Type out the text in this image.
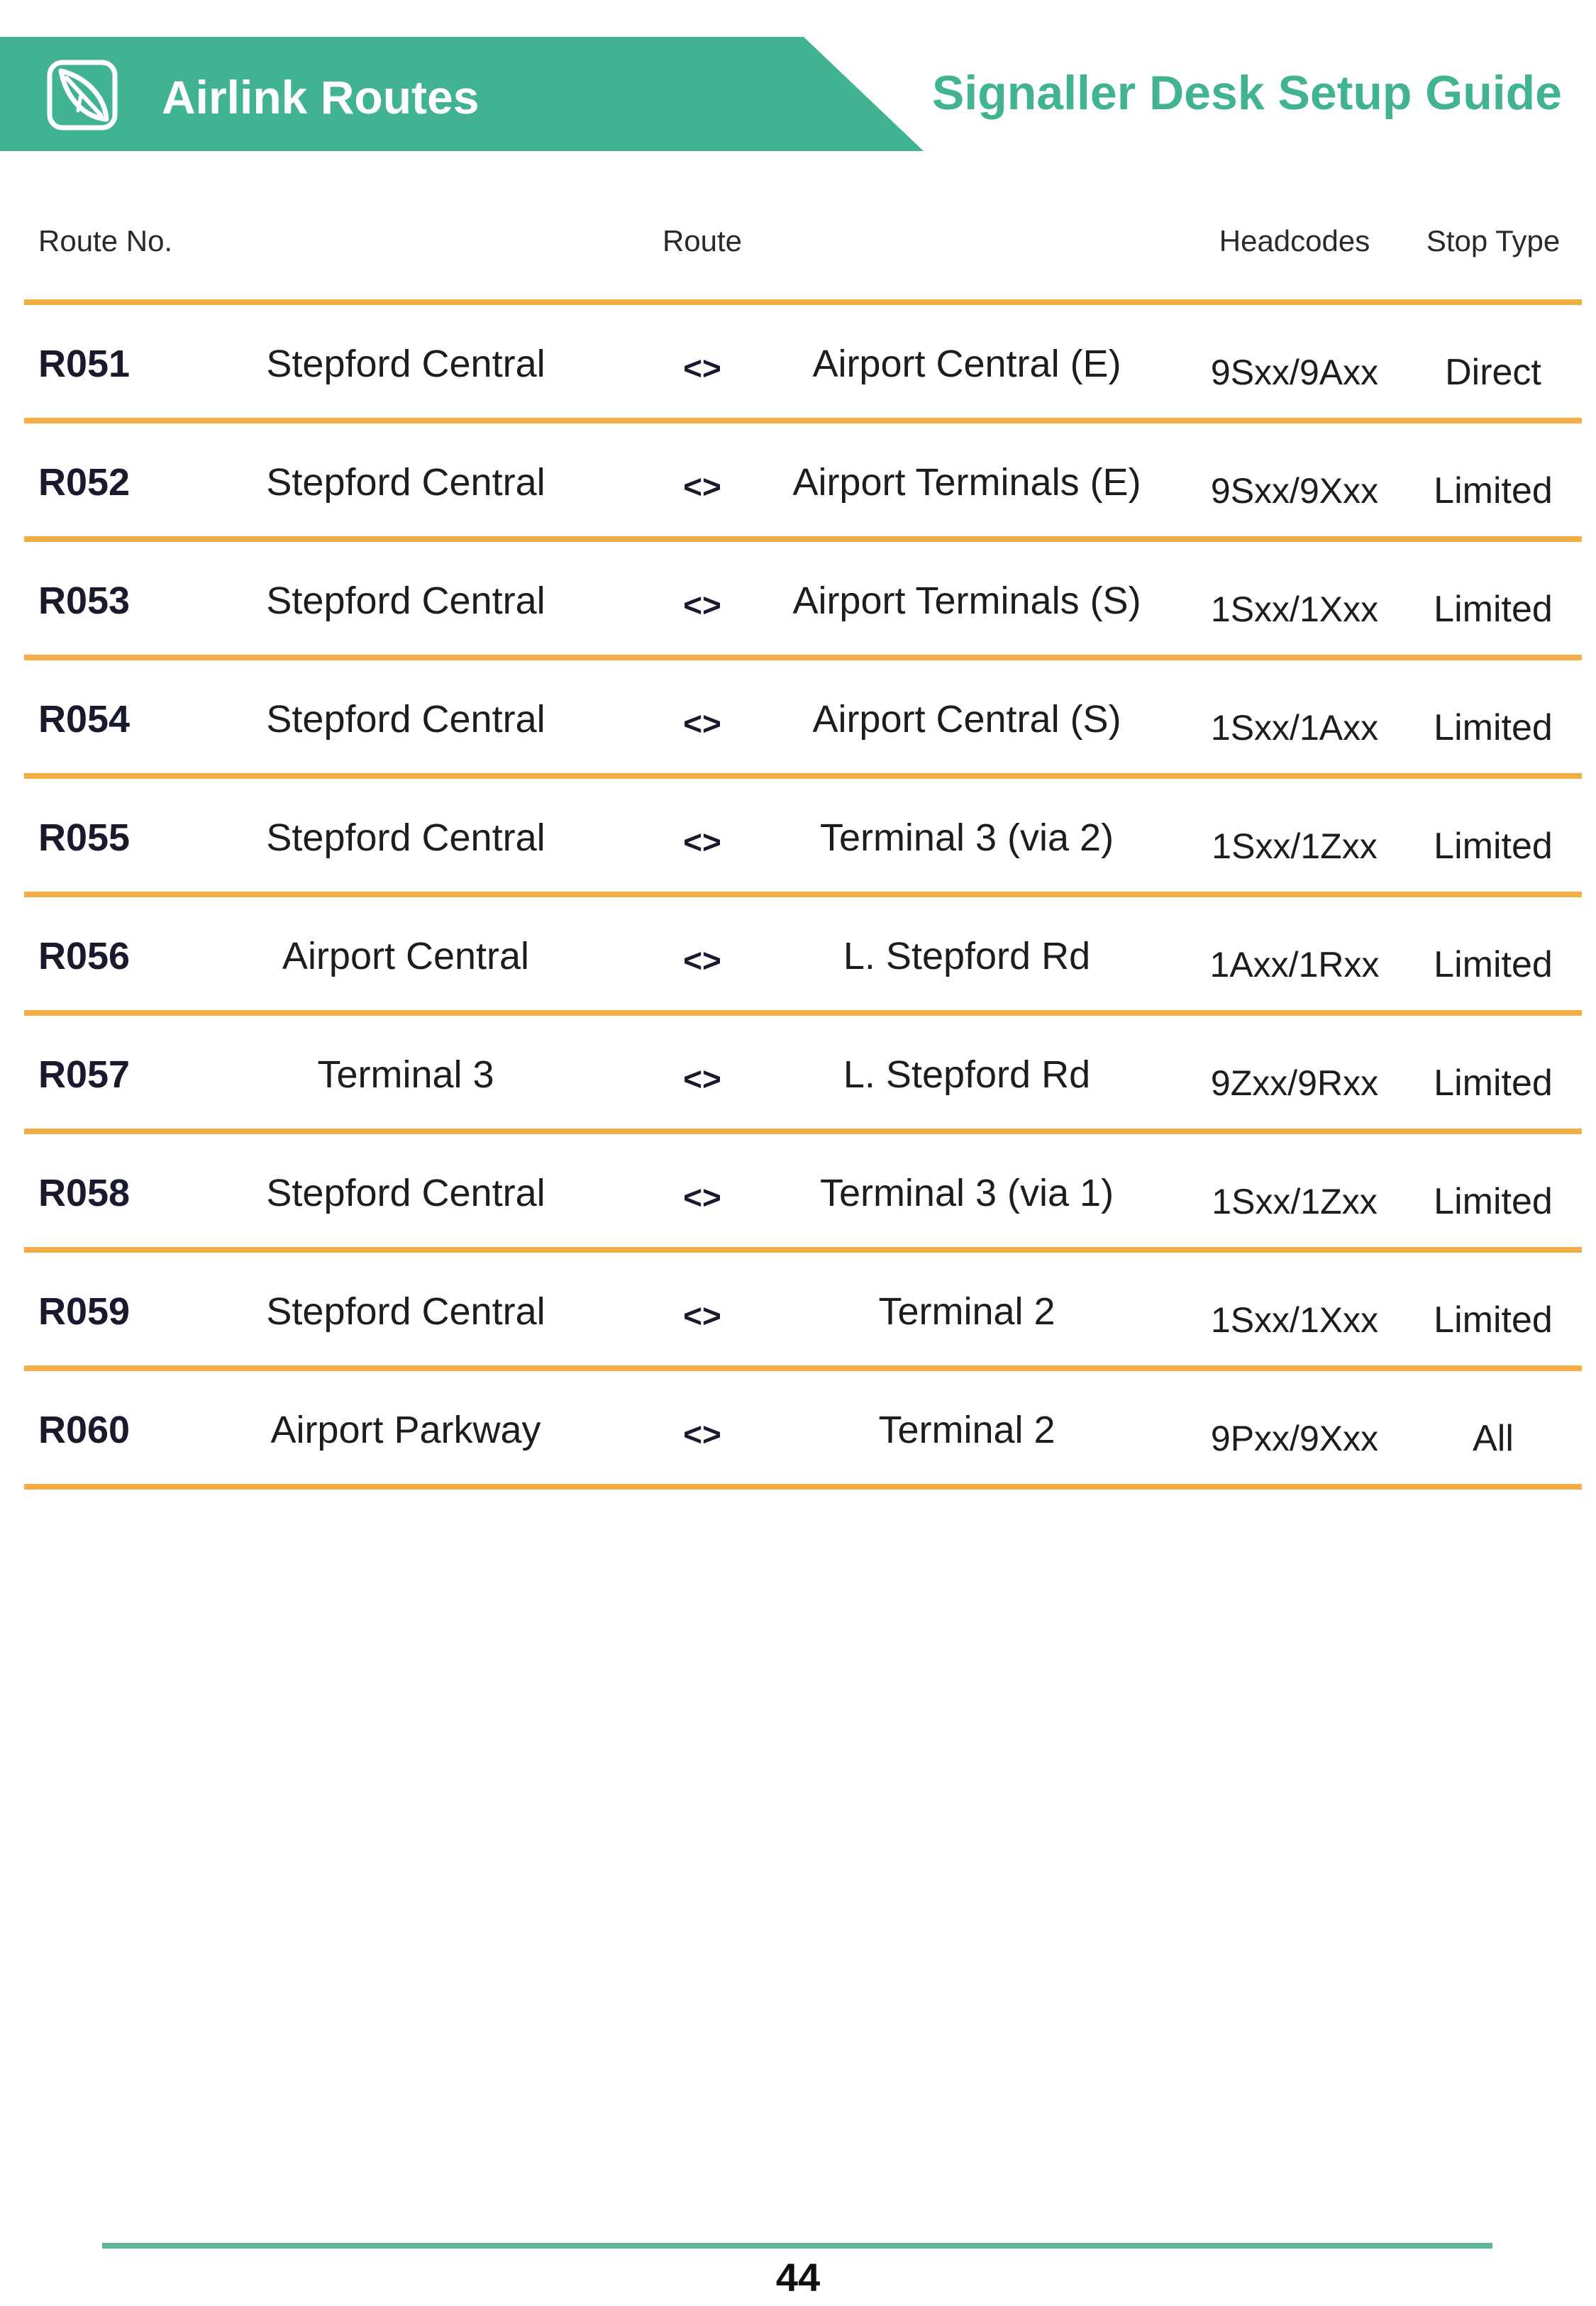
Airlink Routes	Signaller Desk Setup Guide
Route No.	Route	Headcodes	Stop Type
R051	Stepford Central	<>	Airport Central (E)	9Sxx/9Axx	Direct
R052	Stepford Central	<>	Airport Terminals (E)	9Sxx/9Xxx	Limited
R053	Stepford Central	<>	Airport Terminals (S)	1Sxx/1Xxx	Limited
R054	Stepford Central	<>	Airport Central (S)	1Sxx/1Axx	Limited
R055	Stepford Central	<>	Terminal 3 (via 2)	1Sxx/1Zxx	Limited
R056	Airport Central	<>	L. Stepford Rd	1Axx/1Rxx	Limited
R057	Terminal 3	<>	L. Stepford Rd	9Zxx/9Rxx	Limited
R058	Stepford Central	<>	Terminal 3 (via 1)	1Sxx/1Zxx	Limited
R059	Stepford Central	<>	Terminal 2	1Sxx/1Xxx	Limited
R060	Airport Parkway	<>	Terminal 2	9Pxx/9Xxx	All
44
